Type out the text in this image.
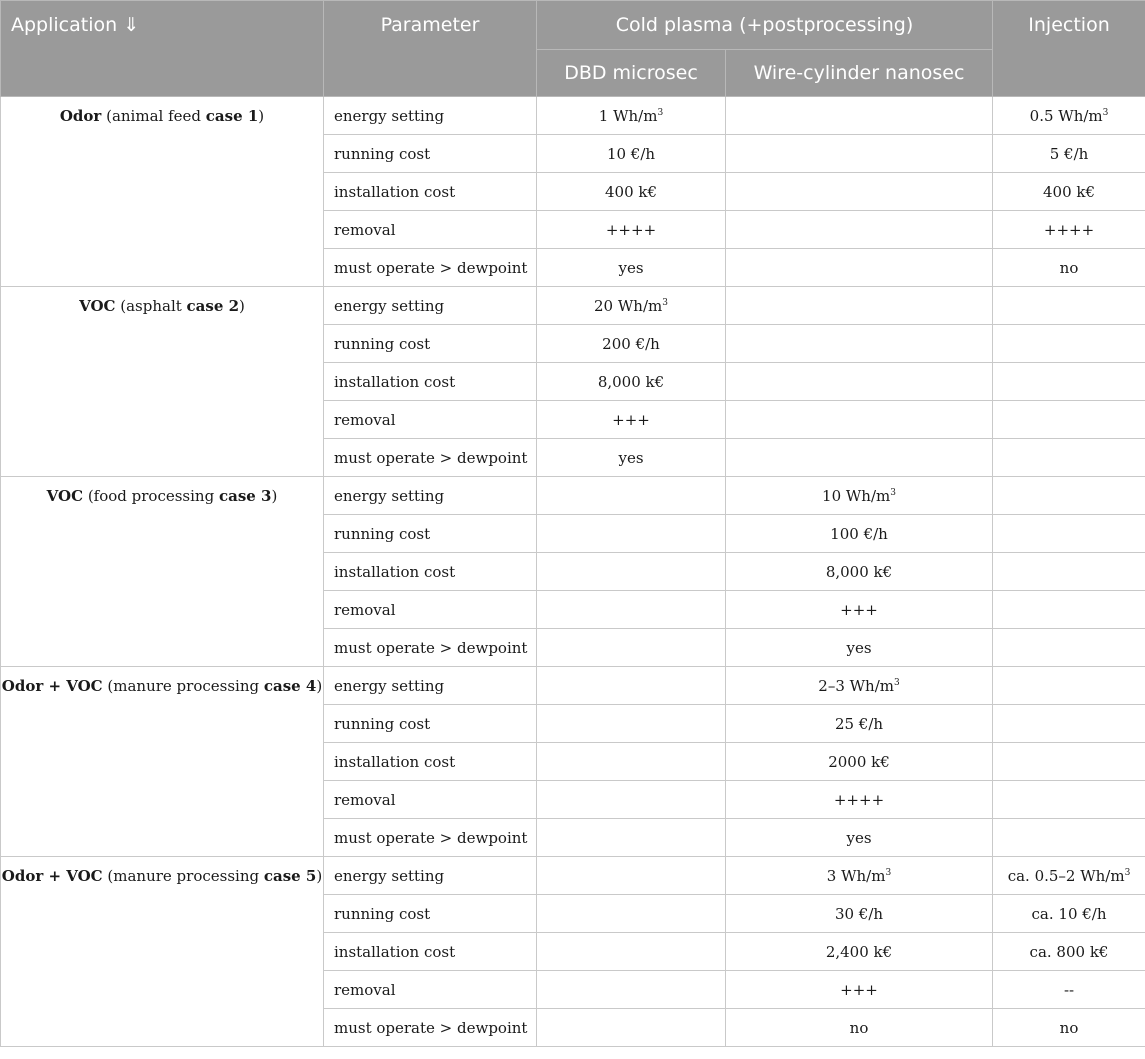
Application ⇓	Parameter	Cold plasma (+postprocessing)		Injection
		DBD microsec	Wire-cylinder nanosec	
Odor (animal feed case 1)	energy setting	1 $Wh/m^3$		0.5 $Wh/m^3$
	running cost	10 €/h		5 €/h
	installation cost	400 k€		400 k€
	removal	++++		++++
	must operate > dewpoint	yes		no
VOC (asphalt case 2)	energy setting	20 $Wh/m^3$		
	running cost	200 €/h		
	installation cost	8,000 k€		
	removal	+++		
	must operate > dewpoint	yes		
VOC (food processing case 3)	energy setting		10 $Wh/m^3$	
	running cost		100 €/h	
	installation cost		8,000 k€	
	removal		+++	
	must operate > dewpoint		yes	
Odor + VOC (manure processing case 4)	energy setting		2–3 $Wh/m^3$	
	running cost		25 €/h	
	installation cost		2000 k€	
	removal		++++	
	must operate > dewpoint		yes	
Odor + VOC (manure processing case 5)	energy setting		3 $Wh/m^3$	ca. 0.5–2 $Wh/m^3$
	running cost		30 €/h	ca. 10 €/h
	installation cost		2,400 k€	ca. 800 k€
	removal		+++	--
	must operate > dewpoint		no	no
